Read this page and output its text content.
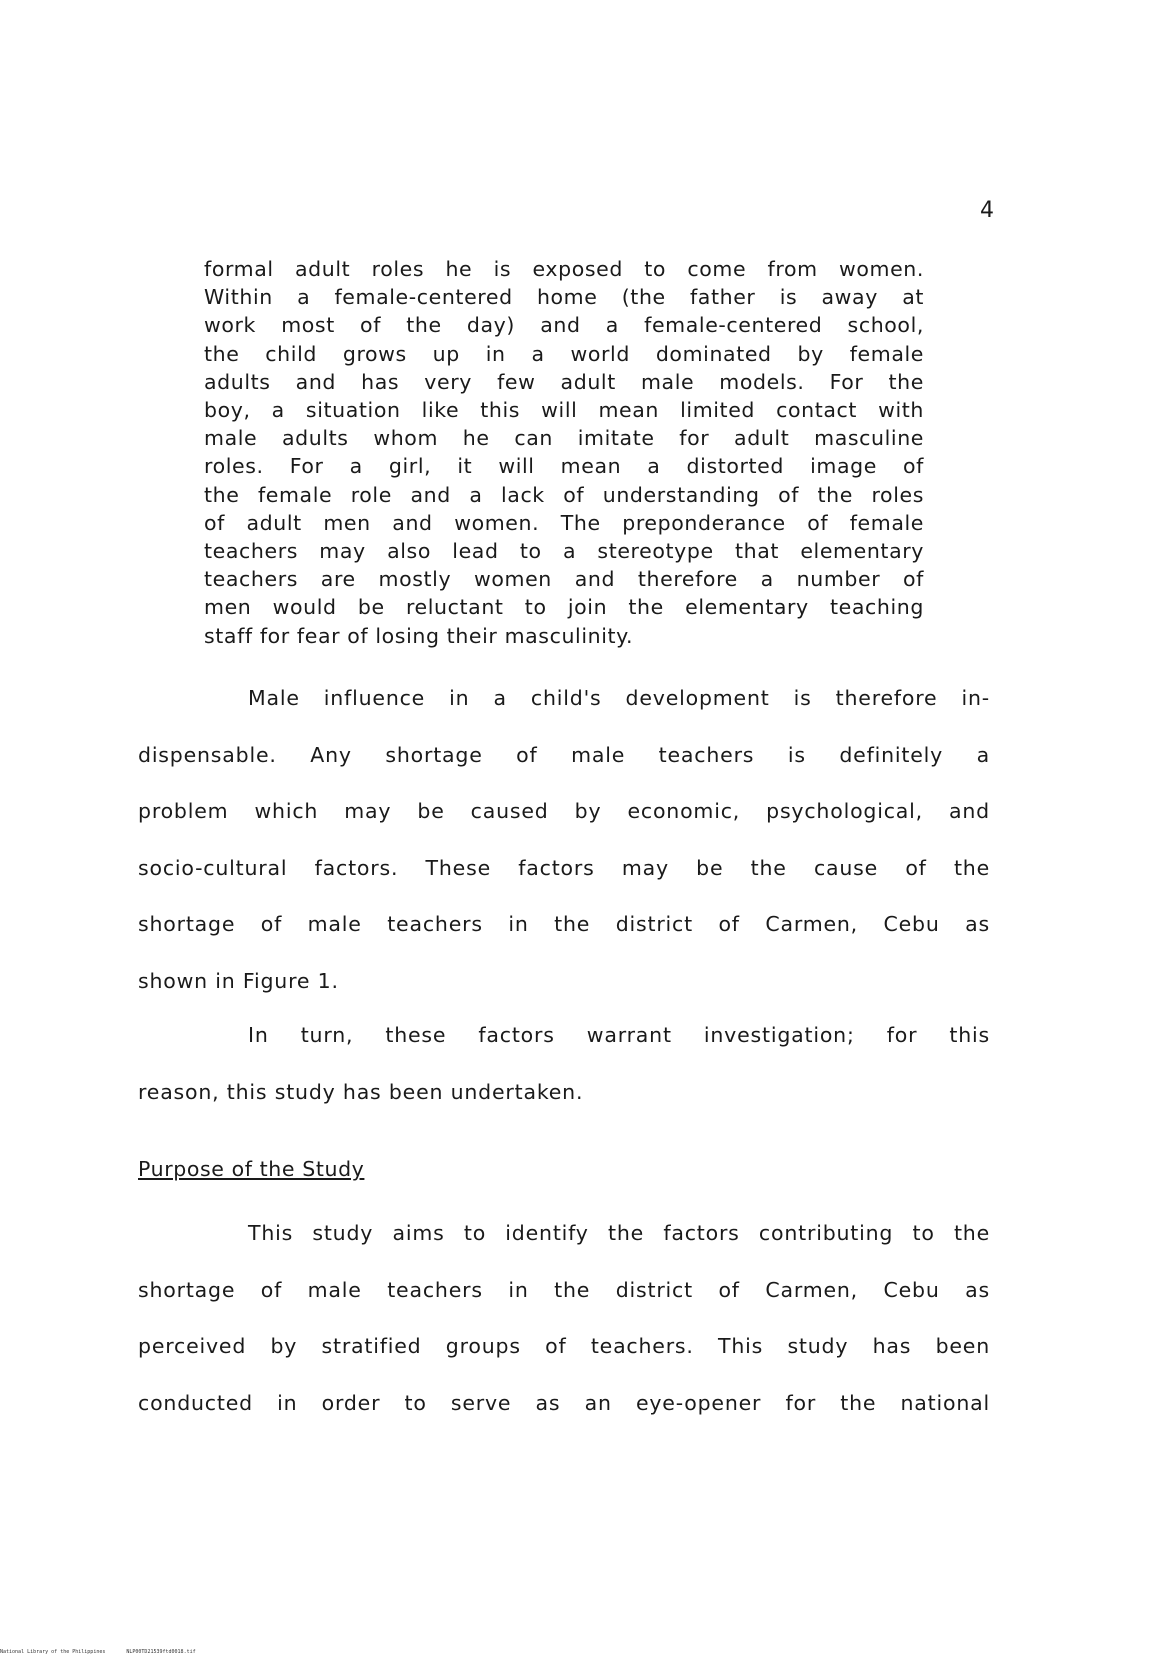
4
formal adult roles he is exposed to come from women.
Within a female-centered home (the father is away at
work most of the day) and a female-centered school,
the child grows up in a world dominated by female
adults and has very few adult male models. For the
boy, a situation like this will mean limited contact with
male adults whom he can imitate for adult masculine
roles. For a girl, it will mean a distorted image of
the female role and a lack of understanding of the roles
of adult men and women. The preponderance of female
teachers may also lead to a stereotype that elementary
teachers are mostly women and therefore a number of
men would be reluctant to join the elementary teaching
staff for fear of losing their masculinity.
Male influence in a child's development is therefore in-
dispensable. Any shortage of male teachers is definitely a
problem which may be caused by economic, psychological, and
socio-cultural factors. These factors may be the cause of the
shortage of male teachers in the district of Carmen, Cebu as
shown in Figure 1.
In turn, these factors warrant investigation; for this
reason, this study has been undertaken.
Purpose of the Study
This study aims to identify the factors contributing to the
shortage of male teachers in the district of Carmen, Cebu as
perceived by stratified groups of teachers. This study has been
conducted in order to serve as an eye-opener for the national
National Library of the Philippines	NLP00TD21539ftd0018.tif
